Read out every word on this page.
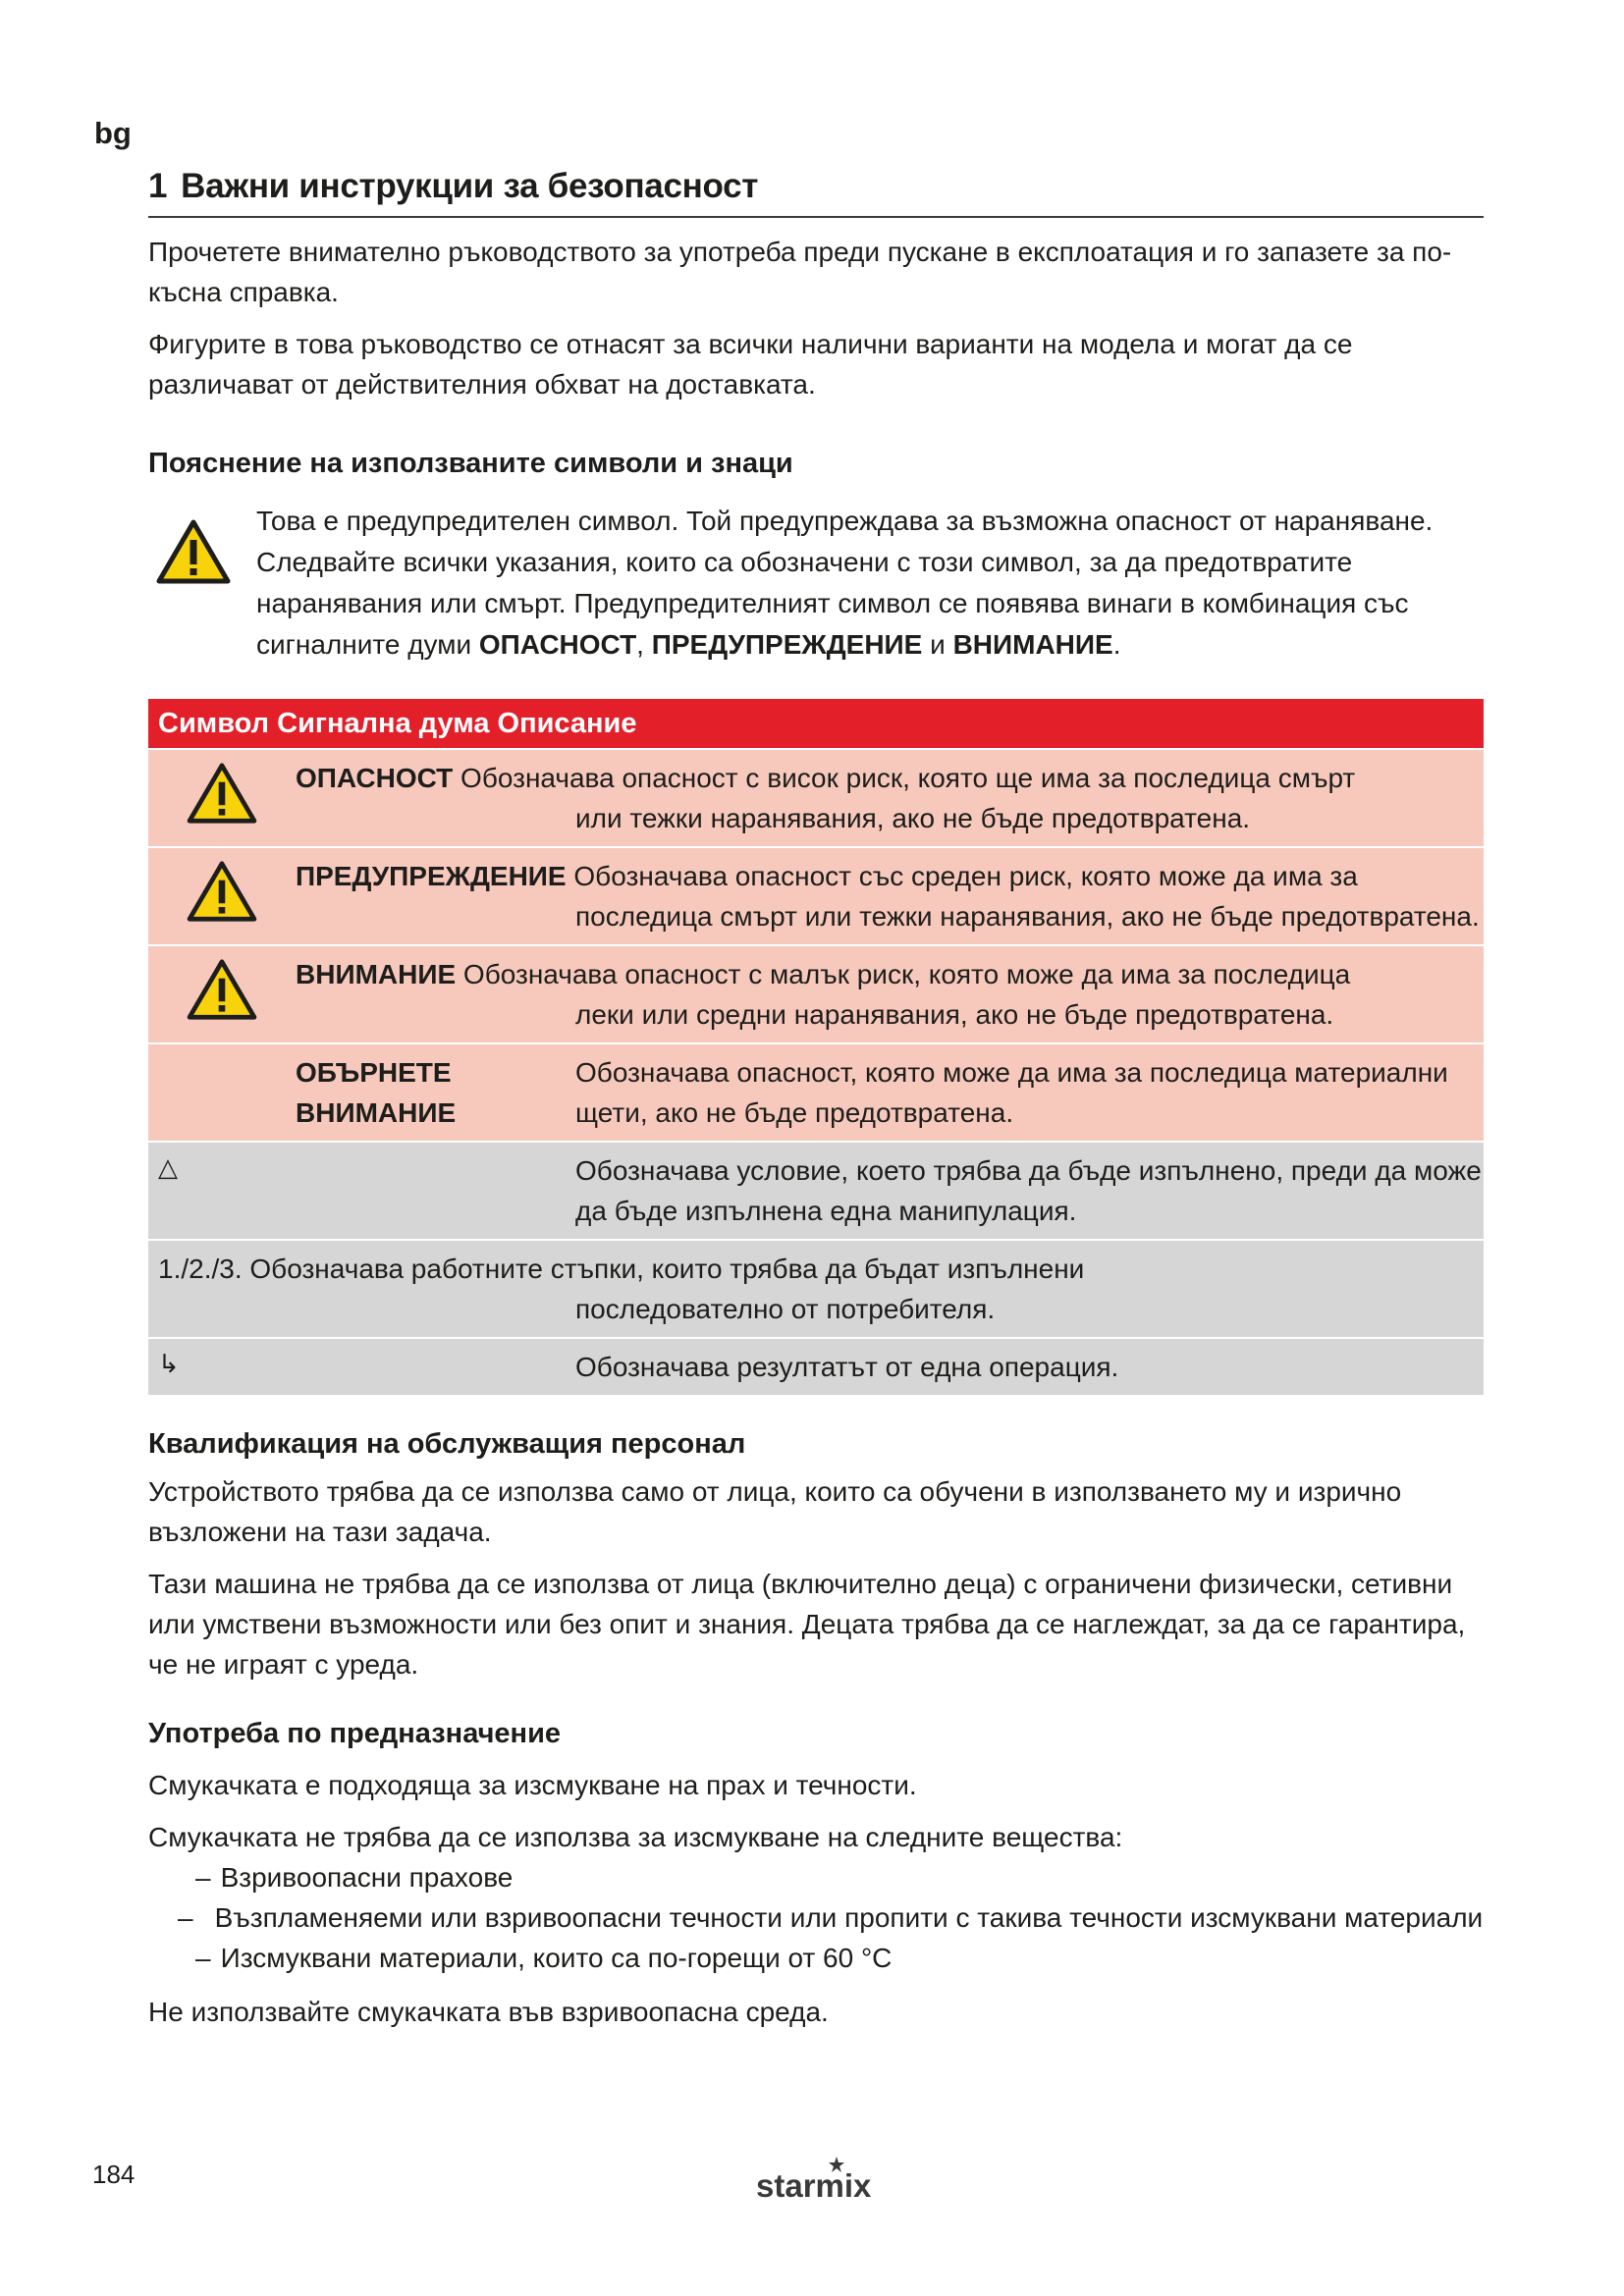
bg
1 Важни инструкции за безопасност

Прочетете внимателно ръководството за употреба преди пускане в експлоатация и го запазете за по-късна справка.

Фигурите в това ръководство се отнасят за всички налични варианти на модела и могат да се различават от действителния обхват на доставката.

Пояснение на използваните символи и знаци
Това е предупредителен символ. Той предупреждава за възможна опасност от нараняване. Следвайте всички указания, които са обозначени с този символ, за да предотвратите наранявания или смърт. Предупредителният символ се появява винаги в комбинация със сигналните думи ОПАСНОСТ, ПРЕДУПРЕЖДЕНИЕ и ВНИМАНИЕ.
Символ Сигнална дума Описание
ОПАСНОСТ Обозначава опасност с висок риск, която ще има за последица смърт
или тежки наранявания, ако не бъде предотвратена.
ПРЕДУПРЕЖДЕНИЕ Обозначава опасност със среден риск, която може да има за
последица смърт или тежки наранявания, ако не бъде предотвратена.
ВНИМАНИЕ Обозначава опасност с малък риск, която може да има за последица
леки или средни наранявания, ако не бъде предотвратена.
ОБЪРНЕТЕ ВНИМАНИЕ
Обозначава опасност, която може да има за последица материални щети, ако не бъде предотвратена.
△	Обозначава условие, което трябва да бъде изпълнено, преди да може да бъде изпълнена една манипулация.
1./2./3. Обозначава работните стъпки, които трябва да бъдат изпълнени
последователно от потребителя.
↳	Обозначава резултатът от една операция.
Квалификация на обслужващия персонал

Устройството трябва да се използва само от лица, които са обучени в използването му и изрично възложени на тази задача.

Тази машина не трябва да се използва от лица (включително деца) с ограничени физически, сетивни или умствени възможности или без опит и знания. Децата трябва да се наглеждат, за да се гарантира, че не играят с уреда.

Употреба по предназначение

Смукачката е подходяща за изсмукване на прах и течности.

Смукачката не трябва да се използва за изсмукване на следните вещества:

– Взривоопасни прахове
– Възпламеняеми или взривоопасни течности или пропити с такива течности изсмуквани материали
– Изсмуквани материали, които са по-горещи от 60 °C

Не използвайте смукачката във взривоопасна среда.

184	starmix
